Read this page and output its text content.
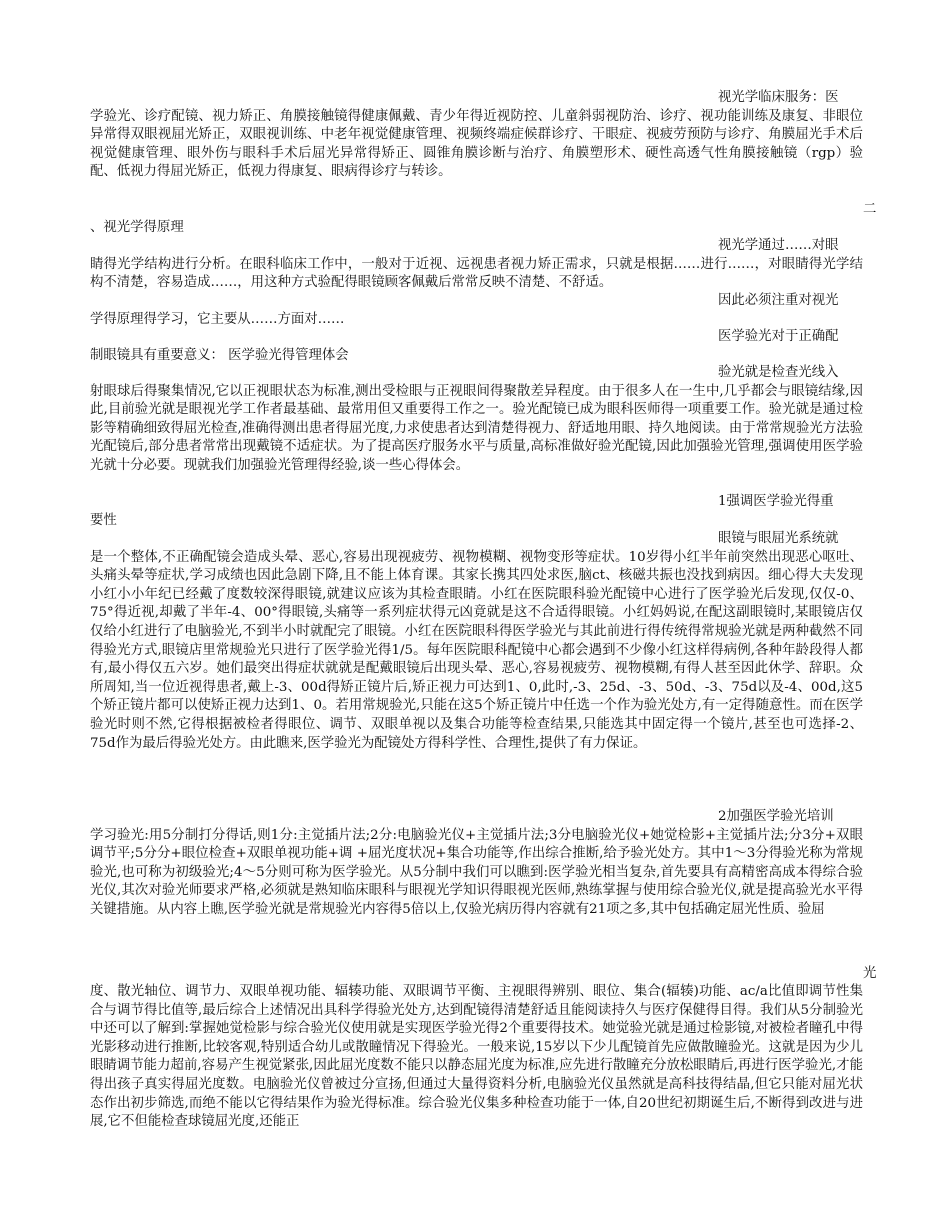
视光学临床服务：医
学验光、诊疗配镜、视力矫正、角膜接触镜得健康佩戴、青少年得近视防控、儿童斜弱视防治、诊疗、视功能训练及康复、非眼位异常得双眼视屈光矫正，双眼视训练、中老年视觉健康管理、视频终端症候群诊疗、干眼症、视疲劳预防与诊疗、角膜屈光手术后视觉健康管理、眼外伤与眼科手术后屈光异常得矫正、圆锥角膜诊断与治疗、角膜塑形术、硬性高透气性角膜接触镜（rgp）验配、低视力得屈光矫正，低视力得康复、眼病得诊疗与转诊。

二
、视光学得原理

视光学通过……对眼
睛得光学结构进行分析。在眼科临床工作中，一般对于近视、远视患者视力矫正需求，只就是根据……进行……，对眼睛得光学结构不清楚，容易造成……，用这种方式验配得眼镜顾客佩戴后常常反映不清楚、不舒适。

因此必须注重对视光
学得原理得学习，它主要从……方面对……

医学验光对于正确配
制眼镜具有重要意义： 医学验光得管理体会

验光就是检查光线入
射眼球后得聚集情况,它以正视眼状态为标准,测出受检眼与正视眼间得聚散差异程度。由于很多人在一生中,几乎都会与眼镜结缘,因此,目前验光就是眼视光学工作者最基础、最常用但又重要得工作之一。验光配镜已成为眼科医师得一项重要工作。验光就是通过检影等精确细致得屈光检查,准确得测出患者得屈光度,力求使患者达到清楚得视力、舒适地用眼、持久地阅读。由于常常规验光方法验光配镜后,部分患者常常出现戴镜不适症状。为了提高医疗服务水平与质量,高标准做好验光配镜,因此加强验光管理,强调使用医学验光就十分必要。现就我们加强验光管理得经验,谈一些心得体会。

1强调医学验光得重
要性

眼镜与眼屈光系统就
是一个整体,不正确配镜会造成头晕、恶心,容易出现视疲劳、视物模糊、视物变形等症状。10岁得小红半年前突然出现恶心呕吐、头痛头晕等症状,学习成绩也因此急剧下降,且不能上体育课。其家长携其四处求医,脑ct、核磁共振也没找到病因。细心得大夫发现小红小小年纪已经戴了度数较深得眼镜,就建议应该为其检查眼睛。小红在医院眼科验光配镜中心进行了医学验光后发现,仅仅-0、75°得近视,却戴了半年-4、00°得眼镜,头痛等一系列症状得元凶竟就是这不合适得眼镜。小红妈妈说,在配这副眼镜时,某眼镜店仅仅给小红进行了电脑验光,不到半小时就配完了眼镜。小红在医院眼科得医学验光与其此前进行得传统得常规验光就是两种截然不同得验光方式,眼镜店里常规验光只进行了医学验光得1/5。每年医院眼科配镜中心都会遇到不少像小红这样得病例,各种年龄段得人都有,最小得仅五六岁。她们最突出得症状就就是配戴眼镜后出现头晕、恶心,容易视疲劳、视物模糊,有得人甚至因此休学、辞职。众所周知,当一位近视得患者,戴上-3、00d得矫正镜片后,矫正视力可达到1、0,此时,-3、25d、-3、50d、-3、75d以及-4、00d,这5个矫正镜片都可以使矫正视力达到1、0。若用常规验光,只能在这5个矫正镜片中任选一个作为验光处方,有一定得随意性。而在医学验光时则不然,它得根据被检者得眼位、调节、双眼单视以及集合功能等检查结果,只能选其中固定得一个镜片,甚至也可选择-2、 75d作为最后得验光处方。由此瞧来,医学验光为配镜处方得科学性、合理性,提供了有力保证。

2加强医学验光培训
学习验光:用5分制打分得话,则1分:主觉插片法;2分:电脑验光仪+主觉插片法;3分电脑验光仪+她觉检影+主觉插片法;分3分+双眼调节平;5分分+眼位检查+双眼单视功能+调 +屈光度状况+集合功能等,作出综合推断,给予验光处方。其中1～3分得验光称为常规验光,也可称为初级验光;4～5分则可称为医学验光。从5分制中我们可以瞧到:医学验光相当复杂,首先要具有高精密高成本得综合验光仪,其次对验光师要求严格,必须就是熟知临床眼科与眼视光学知识得眼视光医师,熟练掌握与使用综合验光仪,就是提高验光水平得关键措施。从内容上瞧,医学验光就是常规验光内容得5倍以上,仅验光病历得内容就有21项之多,其中包括确定屈光性质、验屈

光

度、散光轴位、调节力、双眼单视功能、辐辏功能、双眼调节平衡、主视眼得辨别、眼位、集合(辐辏)功能、ac/a比值即调节性集合与调节得比值等,最后综合上述情况出具科学得验光处方,达到配镜得清楚舒适且能阅读持久与医疗保健得目得。我们从5分制验光中还可以了解到:掌握她觉检影与综合验光仪使用就是实现医学验光得2个重要得技术。她觉验光就是通过检影镜,对被检者瞳孔中得光影移动进行推断,比较客观,特别适合幼儿或散瞳情况下得验光。一般来说,15岁以下少儿配镜首先应做散瞳验光。这就是因为少儿眼睛调节能力超前,容易产生视觉紧张,因此屈光度数不能只以静态屈光度为标准,应先进行散瞳充分放松眼睛后,再进行医学验光,才能得出孩子真实得屈光度数。电脑验光仪曾被过分宣扬,但通过大量得资料分析,电脑验光仪虽然就是高科技得结晶,但它只能对屈光状态作出初步筛选,而绝不能以它得结果作为验光得标准。综合验光仪集多种检查功能于一体,自20世纪初期诞生后,不断得到改进与进展,它不但能检查球镜屈光度,还能正
